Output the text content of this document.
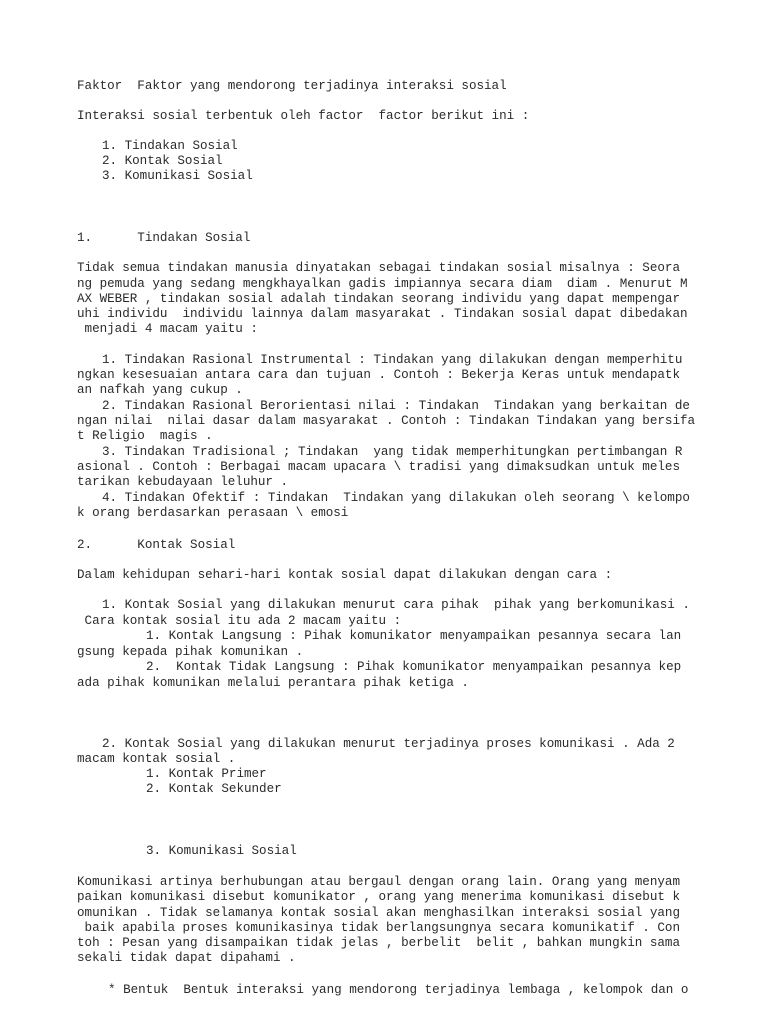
Faktor  Faktor yang mendorong terjadinya interaksi sosial
Interaksi sosial terbentuk oleh factor  factor berikut ini :
1. Tindakan Sosial
2. Kontak Sosial
3. Komunikasi Sosial
1.      Tindakan Sosial
Tidak semua tindakan manusia dinyatakan sebagai tindakan sosial misalnya : Seora
ng pemuda yang sedang mengkhayalkan gadis impiannya secara diam  diam . Menurut M
AX WEBER , tindakan sosial adalah tindakan seorang individu yang dapat mempengar
uhi individu  individu lainnya dalam masyarakat . Tindakan sosial dapat dibedakan
menjadi 4 macam yaitu :
1. Tindakan Rasional Instrumental : Tindakan yang dilakukan dengan memperhitu
ngkan kesesuaian antara cara dan tujuan . Contoh : Bekerja Keras untuk mendapatk
an nafkah yang cukup .
2. Tindakan Rasional Berorientasi nilai : Tindakan  Tindakan yang berkaitan de
ngan nilai  nilai dasar dalam masyarakat . Contoh : Tindakan Tindakan yang bersifa
t Religio  magis .
3. Tindakan Tradisional ; Tindakan  yang tidak memperhitungkan pertimbangan R
asional . Contoh : Berbagai macam upacara \ tradisi yang dimaksudkan untuk meles
tarikan kebudayaan leluhur .
4. Tindakan Ofektif : Tindakan  Tindakan yang dilakukan oleh seorang \ kelompo
k orang berdasarkan perasaan \ emosi
2.      Kontak Sosial
Dalam kehidupan sehari-hari kontak sosial dapat dilakukan dengan cara :
1. Kontak Sosial yang dilakukan menurut cara pihak  pihak yang berkomunikasi .
Cara kontak sosial itu ada 2 macam yaitu :
1. Kontak Langsung : Pihak komunikator menyampaikan pesannya secara lan
gsung kepada pihak komunikan .
2.  Kontak Tidak Langsung : Pihak komunikator menyampaikan pesannya kep
ada pihak komunikan melalui perantara pihak ketiga .
2. Kontak Sosial yang dilakukan menurut terjadinya proses komunikasi . Ada 2
macam kontak sosial .
1. Kontak Primer
2. Kontak Sekunder
3. Komunikasi Sosial
Komunikasi artinya berhubungan atau bergaul dengan orang lain. Orang yang menyam
paikan komunikasi disebut komunikator , orang yang menerima komunikasi disebut k
omunikan . Tidak selamanya kontak sosial akan menghasilkan interaksi sosial yang
baik apabila proses komunikasinya tidak berlangsungnya secara komunikatif . Con
toh : Pesan yang disampaikan tidak jelas , berbelit  belit , bahkan mungkin sama
sekali tidak dapat dipahami .
* Bentuk  Bentuk interaksi yang mendorong terjadinya lembaga , kelompok dan o
